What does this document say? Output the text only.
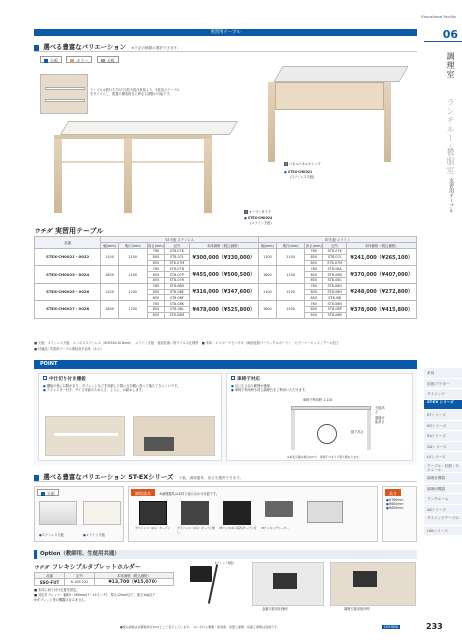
Educational Facility
06
調理室
ランチルーム
被服室
実習用テーブル
家庭
収納/アウター
ダイニング
ST-EX シリーズ
STシリーズ
SGシリーズ
SAシリーズ
GAシリーズ
LSシリーズ
テーブル・収納・モジュール
調理室機器
調理用機器
ランチルーム
AKシリーズ
ダイニングテーブル
LSKシリーズ
実習用テーブル
選べる豊富なバリエーション ※下記の種類の選択できます。
天板	カラー	天板
テーブルは着行き方向で2枚天板/1枚板より、2枚組みテーブルをタイプとし、配置の構造相互に異なる調整が可能です。
2 パネルパネルキャップ
● STEX-CHK021
(ステンレス天板)
1 オープンタイプ
● STEX-CHK024
(メラミン天板)
ウチダ 実習用テーブル
品番	ST天板 ステンレス					ST天板 メラミン				
	幅(mm)	奥行(mm)	高さ(mm)	記号	本体価格（税込価格）	幅(mm)	奥行(mm)	高さ(mm)	記号	本体価格（税込価格）
STEX-CH0021・0022	1100	1100	760	ST8-07K	¥300,000（¥330,000）	1100	1100	760	ST8-07K	¥241,000（¥265,100）
			800	ST8-07L				800	ST8-07L	
			850	ST8-07M				850	ST8-07M	
STEX-CH0023・0024	1800	1100	760	ST8-07N	¥455,000（¥500,500）	1800	1100	760	ST8-08A	¥370,000（¥407,000）
			800	ST8-07P				800	ST8-08B	
			850	ST8-07R				850	ST8-08C	
STEX-CH0025・0026	1100	1200	760	ST8-08D	¥316,000（¥347,600）	1100	1200	760	ST8-08G	¥248,000（¥272,800）
			800	ST8-08E				800	ST8-08H	
			850	ST8-08F				850	ST8-08J	
STEX-CH0027・0028	1800	1200	760	ST8-08K	¥478,000（¥525,800）	1800	1200	760	ST8-08N	¥378,000（¥415,800）
			800	ST8-08L				800	ST8-08P	
			850	ST8-08M				850	ST8-08R	
■ 天板：ステンレス天板　エンボスステンレス（SUS304 t0.8mm）　メラミン天板　表面抗菌／防ウイルス仕様等　■ 本体：エコボードビニサキ（両面化粧パーティクルボード）、セブンシーエッジ／アール加工
■ 付属品: 実習用テーブル連結用手前具（ネジ）
POINT
中仕切り付き棚板
● 棚板の奥に目隠があり、タブレットなどを収納した際に反対側に誤って落ちてきにくいです。
● アジャスター付き、サイズ可能のため入る、ように、お勧めします。
車椅子対応
● 足に広さ余り範囲が確保。
● 車椅子利用時も同じ調理台をご利用いただけます。
車椅子利用時 1,110
天板高さ
通過可能高さ
膝下高さ
※本表示値の単位mmで、車椅子のサイズ等で異なります。
選べる豊富なバリエーション ST-EXシリーズ 天板、調理器具、高さを選択できます。
天板
●ステンレス天板	●メラミン天板
調理器具	※調理器具は本体と組み合わせ可能です。
ガスコンロ（2口）オーブン	ガスコンロ（2口）オーブン無し
IHコンロ(2口)電気オーブン付	IHクッキングヒーター
高さ
●H760mm
●H800mm
●H850mm
Option（教師用、生徒用共通）
ウチダ フレキシブルタブレットホルダー
品番	記号	本体価格（税込価格）
SSO-FUT	6-109-222	¥13,700（¥15,070）
■ 本体に取り付け位置を固定。
■ 対応タブレット：幅80～260mm(7～14インチ)、厚さ12mm以下、重さ1kg以下
※タブレット等の機器は含みません。
タブレット類別
金属天板用仕様例	調理天板用取付例
●税込価格は消費税率を10%として表示しています。　※いずれも運搬・荷造費、設置工事費、設備工事費は別途です。	UCHIDA	233
